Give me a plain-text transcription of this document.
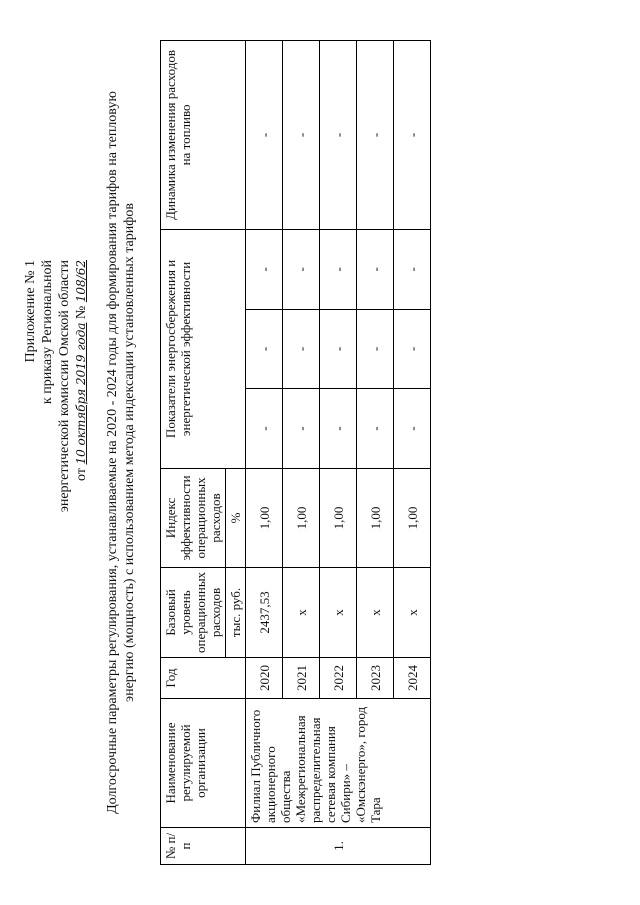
Приложение № 1 к приказу Региональной энергетической комиссии Омской области от 10 октября 2019 года № 108/62 Долгосрочные параметры регулирования, устанавливаемые на 2020 - 2024 годы для формирования тарифов на тепловую энергию (мощность) с использованием метода индексации установленных тарифов
№ п/п	Наименование регулируемой организации	Год	Базовый уровень операционных расходов	Индекс эффективности операционных расходов	Показатели энергосбережения и энергетической эффективности			Динамика изменения расходов на топливо
			тыс. руб.	%				
1.	Филиал Публичного акционерного общества «Межрегиональная распределительная сетевая компания Сибири» – «Омскэнерго», город Тара	2020	2437,53	1,00	-	-	-	-
		2021	х	1,00	-	-	-	-
		2022	х	1,00	-	-	-	-
		2023	х	1,00	-	-	-	-
		2024	х	1,00	-	-	-	-
